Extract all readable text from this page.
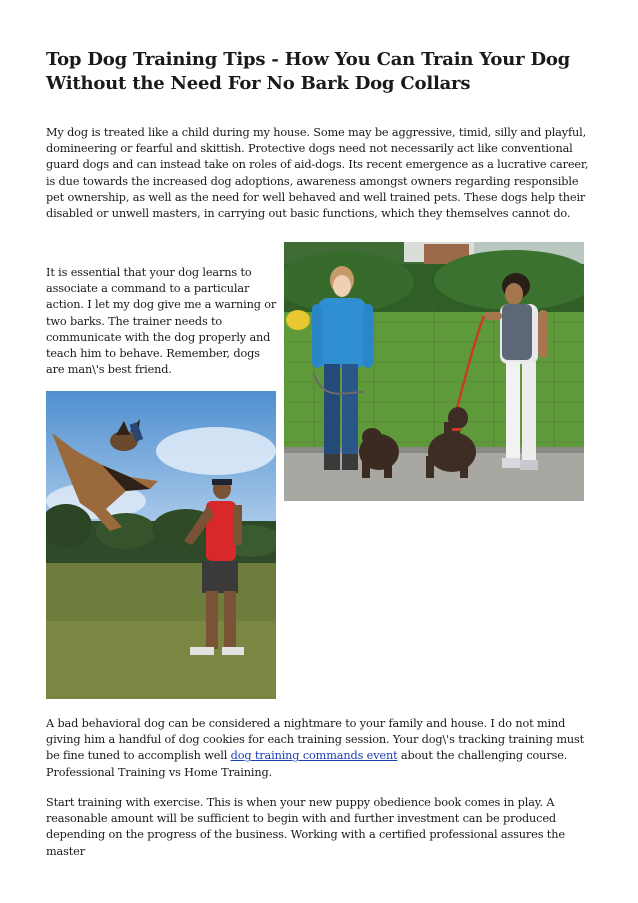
Top Dog Training Tips - How You Can Train Your Dog Without the Need For No Bark Dog Collars

My dog is treated like a child during my house. Some may be aggressive, timid, silly and playful, domineering or fearful and skittish. Protective dogs need not necessarily act like conventional guard dogs and can instead take on roles of aid-dogs. Its recent emergence as a lucrative career, is due towards the increased dog adoptions, awareness amongst owners regarding responsible pet ownership, as well as the need for well behaved and well trained pets. These dogs help their disabled or unwell masters, in carrying out basic functions, which they themselves cannot do.

It is essential that your dog learns to associate a command to a particular action. I let my dog give me a warning or two barks. The trainer needs to communicate with the dog properly and teach him to behave. Remember, dogs are man\'s best friend.

A bad behavioral dog can be considered a nightmare to your family and house. I do not mind giving him a handful of dog cookies for each training session. Your dog\'s tracking training must be fine tuned to accomplish well dog training commands event about the challenging course. Professional Training vs Home Training.

Start training with exercise. This is when your new puppy obedience book comes in play. A reasonable amount will be sufficient to begin with and further investment can be produced depending on the progress of the business. Working with a certified professional assures the master
